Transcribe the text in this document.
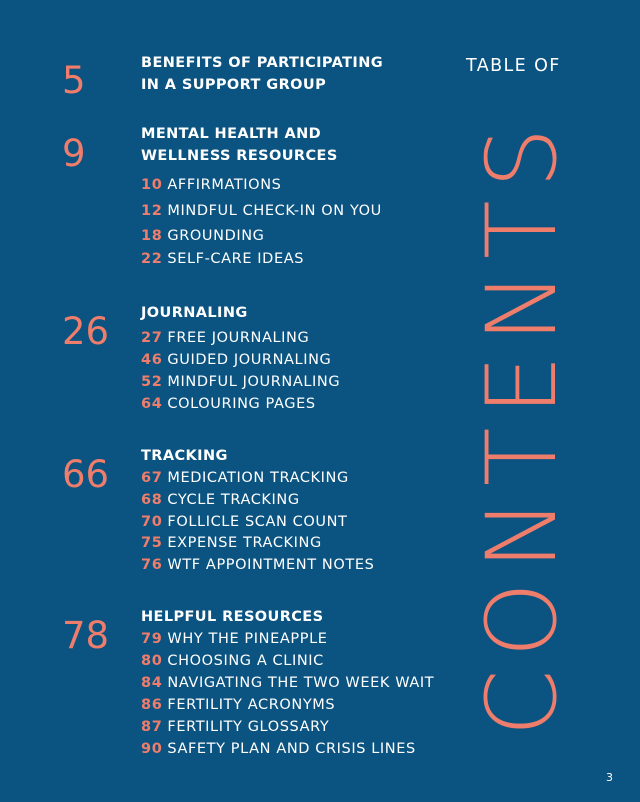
5	BENEFITS OF PARTICIPATING
IN A SUPPORT GROUP
9	MENTAL HEALTH AND
WELLNESS RESOURCES
10 AFFIRMATIONS
12 MINDFUL CHECK-IN ON YOU
18 GROUNDING
22 SELF-CARE IDEAS
26 JOURNALING
27 FREE JOURNALING
46 GUIDED JOURNALING
52 MINDFUL JOURNALING
64 COLOURING PAGES
66 TRACKING
67 MEDICATION TRACKING
68 CYCLE TRACKING
70 FOLLICLE SCAN COUNT
75 EXPENSE TRACKING
76 WTF APPOINTMENT NOTES
78 HELPFUL RESOURCES
79 WHY THE PINEAPPLE
80 CHOOSING A CLINIC
84 NAVIGATING THE TWO WEEK WAIT
86 FERTILITY ACRONYMS
87 FERTILITY GLOSSARY
90 SAFETY PLAN AND CRISIS LINES
TABLE OF
CONTENTS
3
